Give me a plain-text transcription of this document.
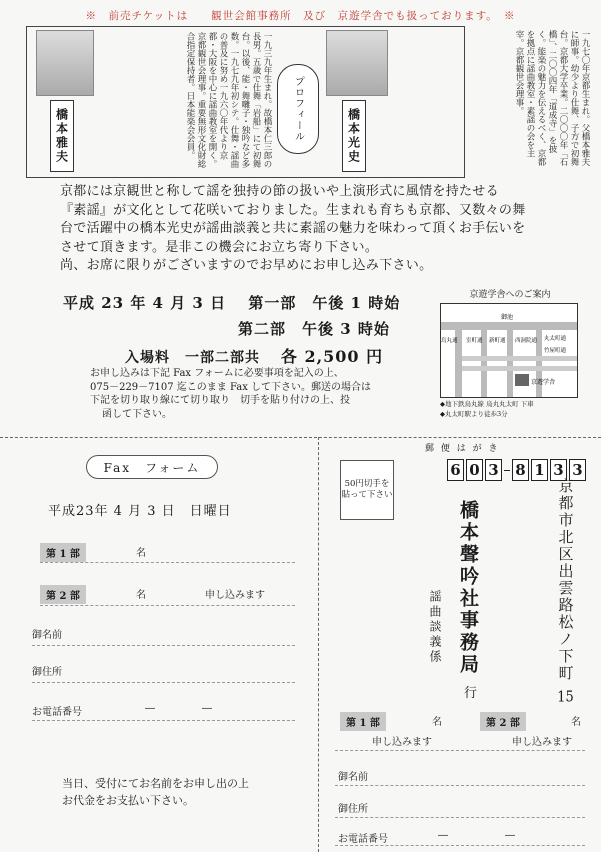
※　前売チケットは　　観世会館事務所　及び　京遊学舎でも扱っております。　※
橋本雅夫	一九三九年生まれ。故橋本仁三郎の長男。五歳で仕舞「岩船」にて初舞台。以後、能・舞囃子・独吟など多数。一九七九年初シテ。仕舞・謡曲の普及に努め一九六〇年代より京都・大阪を中心に謡曲教室を開く。京都観世会理事。重要無形文化財総合指定保持者。日本能楽会会員。	プロフィール	橋本光史	一九七〇年京都生まれ。父橋本雅夫に師事。幼少より仕舞、子方で初舞台。京都大学卒業。二〇〇〇年「石橋」、二〇〇四年「道成寺」を披く。能楽の魅力を伝えるべく、京都を拠点に謡曲教室・素謡の会を主宰。京都観世会理事。
京都には京観世と称して謡を独持の節の扱いや上演形式に風情を持たせる
『素謡』が文化として花咲いておりました。生まれも育ちも京都、又数々の舞
台で活躍中の橋本光史が謡曲談義と共に素謡の魅力を味わって頂くお手伝いを
させて頂きます。是非この機会にお立ち寄り下さい。
尚、お席に限りがございますのでお早めにお申し込み下さい。
平成 23 年 4 月 3 日　 第一部　午後 1 時始
第二部　午後 3 時始
入場料　一部二部共　 各 2,500 円
お申し込みは下記 Fax フォームに必要事項を記入の上、
075－229－7107 迄このまま Fax して下さい。郵送の場合は
下記を切り取り線にて切り取り　切手を貼り付けの上、投
函して下さい。
京遊学舎へのご案内
御池
丸太町通
竹屋町通
烏丸通 室町通 新町通 西洞院通
京遊学舎
◆地下鉄烏丸線 烏丸丸太町 下車
◆丸太町駅より徒歩3分
Fax　フォーム
平成23年 4 月 3 日　日曜日
第 1 部	名
第 2 部	名	申し込みます
御名前
御住所
お電話番号	―	―
当日、受付にてお名前をお申し出の上
お代金をお支払い下さい。
郵 便 は が き
50円切手を貼って下さい
6 0 3 8 1 3 3
京都市北区出雲路松ノ下町 15
橋本聲吟社事務局 行
謡曲談義係
第 1 部	名	第 2 部	名
申し込みます	申し込みます
御名前
御住所
お電話番号	―	―
